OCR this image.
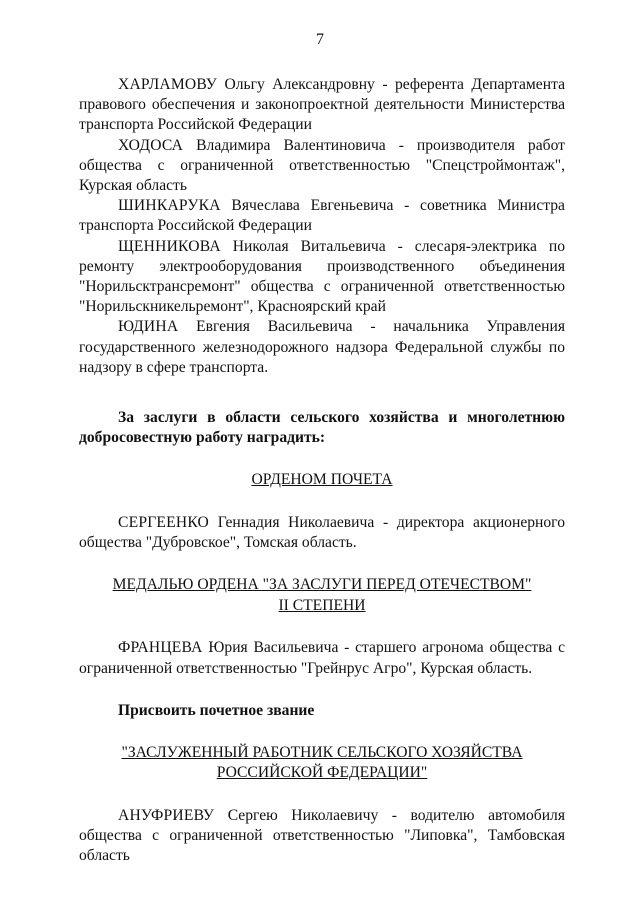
7

ХАРЛАМОВУ Ольгу Александровну - референта Департамента правового обеспечения и законопроектной деятельности Министерства транспорта Российской Федерации

ХОДОСА Владимира Валентиновича - производителя работ общества с ограниченной ответственностью "Спецстроймонтаж", Курская область

ШИНКАРУКА Вячеслава Евгеньевича - советника Министра транспорта Российской Федерации

ЩЕННИКОВА Николая Витальевича - слесаря-электрика по ремонту электрооборудования производственного объединения "Норильсктрансремонт" общества с ограниченной ответственностью "Норильскникельремонт", Красноярский край

ЮДИНА Евгения Васильевича - начальника Управления государственного железнодорожного надзора Федеральной службы по надзору в сфере транспорта.

За заслуги в области сельского хозяйства и многолетнюю добросовестную работу наградить:

ОРДЕНОМ ПОЧЕТА

СЕРГЕЕНКО Геннадия Николаевича - директора акционерного общества "Дубровское", Томская область.

МЕДАЛЬЮ ОРДЕНА "ЗА ЗАСЛУГИ ПЕРЕД ОТЕЧЕСТВОМ"
II СТЕПЕНИ

ФРАНЦЕВА Юрия Васильевича - старшего агронома общества с ограниченной ответственностью "Грейнрус Агро", Курская область.

Присвоить почетное звание

"ЗАСЛУЖЕННЫЙ РАБОТНИК СЕЛЬСКОГО ХОЗЯЙСТВА
РОССИЙСКОЙ ФЕДЕРАЦИИ"

АНУФРИЕВУ Сергею Николаевичу - водителю автомобиля общества с ограниченной ответственностью "Липовка", Тамбовская область
